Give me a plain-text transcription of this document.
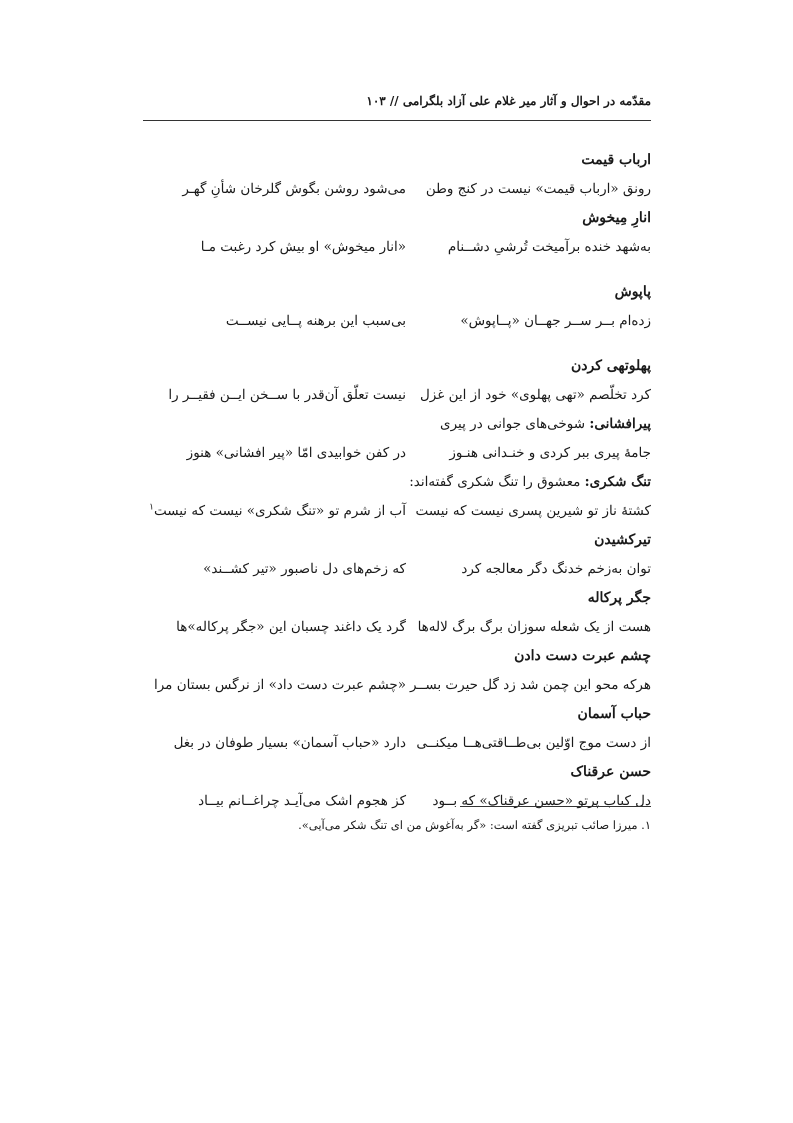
مقدّمه در احوال و آثار میر غلام علی آزاد بلگرامی // ۱۰۳
ارباب قیمت
رونق «ارباب قیمت» نیست در کنج وطن
می‌شود روشن بگوش گلرخان شأنِ گهـر
انارِ مِیخوش
به‌شهد خنده برآمیخت تُرشیِ دشــنام
«انار میخوش» او بیش کرد رغبت مـا
پاپوش
زده‌ام بــر ســر جهــان «پــاپوش»
بی‌سبب این برهنه پــایی نیســت
پهلوتهی کردن
کرد تخلّصم «تهی پهلوی» خود از این غزل
نیست تعلّق آن‌قدر با ســخن ایــن فقیــر را
پیرافشانی: شوخی‌های جوانی در پیری
جامهٔ پیری ببر کردی و خنـدانی هنـوز
در کفن خوابیدی امّا «پیر افشانی» هنوز
تنگ شکری: معشوق را تنگ شکری گفته‌اند:
کشتهٔ ناز تو شیرین پسری نیست که نیست
آب از شرم تو «تنگ شکری» نیست که نیست$^۱$
تیرکشیدن
توان به‌زخم خدنگ دگر معالجه کرد
که زخم‌های دل ناصبور «تیر کشــند»
جگر پرکاله
هست از یک شعله سوزان برگ برگ لاله‌ها
گرد یک داغند چسبان این «جگر پرکاله»ها
چشم عبرت دست دادن
هرکه محو این چمن شد زد گل حیرت بســر
«چشم عبرت دست داد» از نرگس بستان مرا
حباب آسمان
از دست موج اوّلین بی‌طــاقتی‌هــا میکنــی
دارد «حباب آسمان» بسیار طوفان در بغل
حسن عرقناک
دل کباب پرتو «حسن عرقناک» که بــود
کز هجوم اشک می‌آیـد چراغــانم بیــاد
۱. میرزا صائب تبریزی گفته است: «گر به‌آغوش من ای تنگ شکر می‌آیی».
